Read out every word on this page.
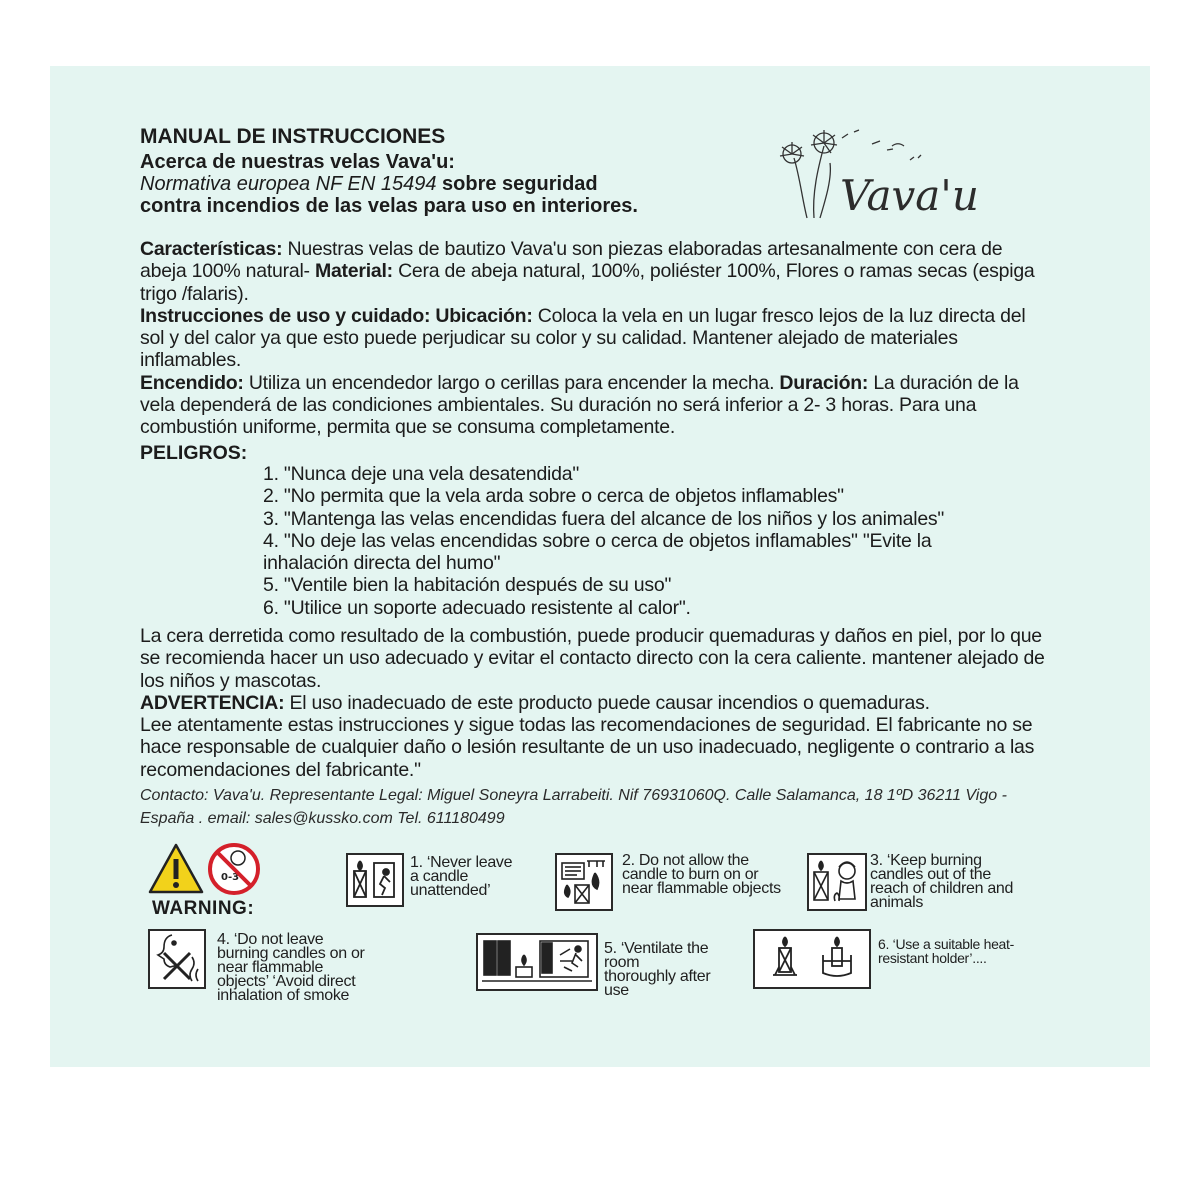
MANUAL DE INSTRUCCIONES
Acerca de nuestras velas Vava'u:
Normativa europea NF EN 15494 sobre seguridad
contra incendios de las velas para uso en interiores.	Vava'u

Características: Nuestras velas de bautizo Vava'u son piezas elaboradas artesanalmente con cera de abeja 100% natural- Material: Cera de abeja natural, 100%, poliéster 100%, Flores o ramas secas (espiga trigo /falaris).

Instrucciones de uso y cuidado: Ubicación: Coloca la vela en un lugar fresco lejos de la luz directa del sol y del calor ya que esto puede perjudicar su color y su calidad. Mantener alejado de materiales inflamables.

Encendido: Utiliza un encendedor largo o cerillas para encender la mecha. Duración: La duración de la vela dependerá de las condiciones ambientales. Su duración no será inferior a 2- 3 horas. Para una combustión uniforme, permita que se consuma completamente.

PELIGROS:
1. "Nunca deje una vela desatendida"
2. "No permita que la vela arda sobre o cerca de objetos inflamables"
3. "Mantenga las velas encendidas fuera del alcance de los niños y los animales"
4. "No deje las velas encendidas sobre o cerca de objetos inflamables" "Evite la inhalación directa del humo"
5. "Ventile bien la habitación después de su uso"
6. "Utilice un soporte adecuado resistente al calor".

La cera derretida como resultado de la combustión, puede producir quemaduras y daños en piel, por lo que se recomienda hacer un uso adecuado y evitar el contacto directo con la cera caliente. mantener alejado de los niños y mascotas.

ADVERTENCIA: El uso inadecuado de este producto puede causar incendios o quemaduras.

Lee atentamente estas instrucciones y sigue todas las recomendaciones de seguridad. El fabricante no se hace responsable de cualquier daño o lesión resultante de un uso inadecuado, negligente o contrario a las recomendaciones del fabricante."

Contacto: Vava'u. Representante Legal: Miguel Soneyra Larrabeiti. Nif 76931060Q. Calle Salamanca, 18 1ºD 36211 Vigo -
España . email: sales@kussko.com Tel. 611180499
0-3
WARNING:
1. ‘Never leave a candle unattended’
2. Do not allow the candle to burn on or near flammable objects
3. ‘Keep burning candles out of the reach of children and animals
4. ‘Do not leave burning candles on or near flammable objects’ ‘Avoid direct inhalation of smoke
5. ‘Ventilate the room thoroughly after use
6. ‘Use a suitable heat-resistant holder’....
